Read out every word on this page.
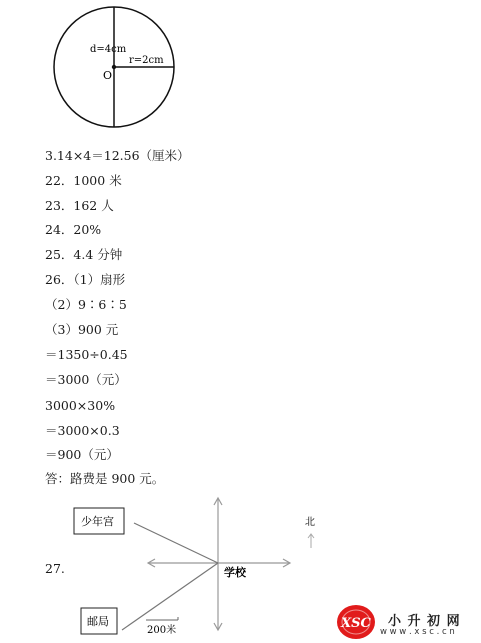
d=4cm
r=2cm
O
3.14×4＝12.56（厘米）
22．1000 米
23．162 人
24．20%
25．4.4 分钟
26．（1）扇形
（2）9∶6∶5
（3）900 元
＝1350÷0.45
＝3000（元）
3000×30%
＝3000×0.3
＝900（元）
答：路费是 900 元。
27.
少年宫
邮局
学校
北
200米	XSC 小 升 初 网
w w w . x s c . c n
